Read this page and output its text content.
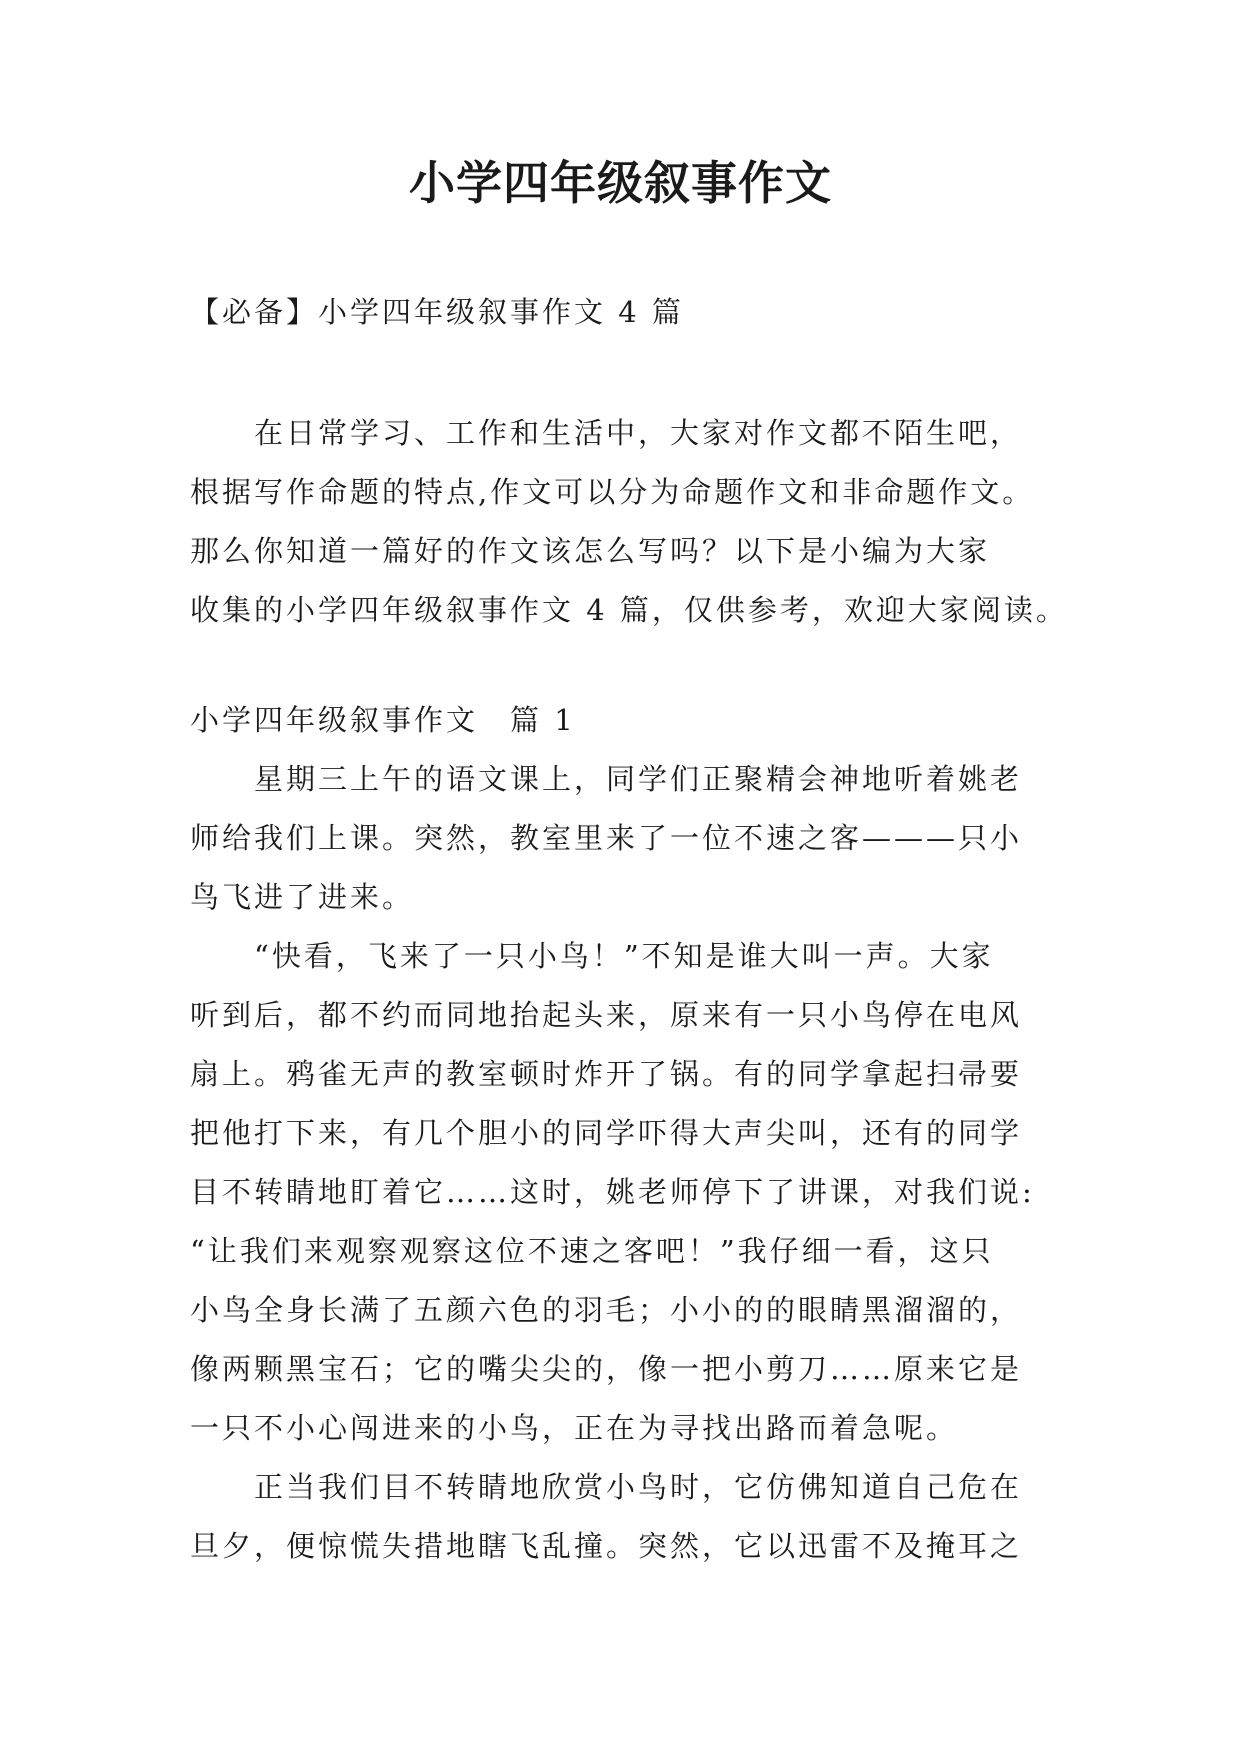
小学四年级叙事作文
【必备】小学四年级叙事作文 4 篇
　　在日常学习、工作和生活中，大家对作文都不陌生吧，
根据写作命题的特点,作文可以分为命题作文和非命题作文。
那么你知道一篇好的作文该怎么写吗？以下是小编为大家
收集的小学四年级叙事作文 4 篇，仅供参考，欢迎大家阅读。
小学四年级叙事作文　篇 1
　　星期三上午的语文课上，同学们正聚精会神地听着姚老
师给我们上课。突然，教室里来了一位不速之客———只小
鸟飞进了进来。
　　“快看，飞来了一只小鸟！”不知是谁大叫一声。大家
听到后，都不约而同地抬起头来，原来有一只小鸟停在电风
扇上。鸦雀无声的教室顿时炸开了锅。有的同学拿起扫帚要
把他打下来，有几个胆小的同学吓得大声尖叫，还有的同学
目不转睛地盯着它……这时，姚老师停下了讲课，对我们说:
“让我们来观察观察这位不速之客吧！”我仔细一看，这只
小鸟全身长满了五颜六色的羽毛；小小的的眼睛黑溜溜的，
像两颗黑宝石；它的嘴尖尖的，像一把小剪刀……原来它是
一只不小心闯进来的小鸟，正在为寻找出路而着急呢。
　　正当我们目不转睛地欣赏小鸟时，它仿佛知道自己危在
旦夕，便惊慌失措地瞎飞乱撞。突然，它以迅雷不及掩耳之
